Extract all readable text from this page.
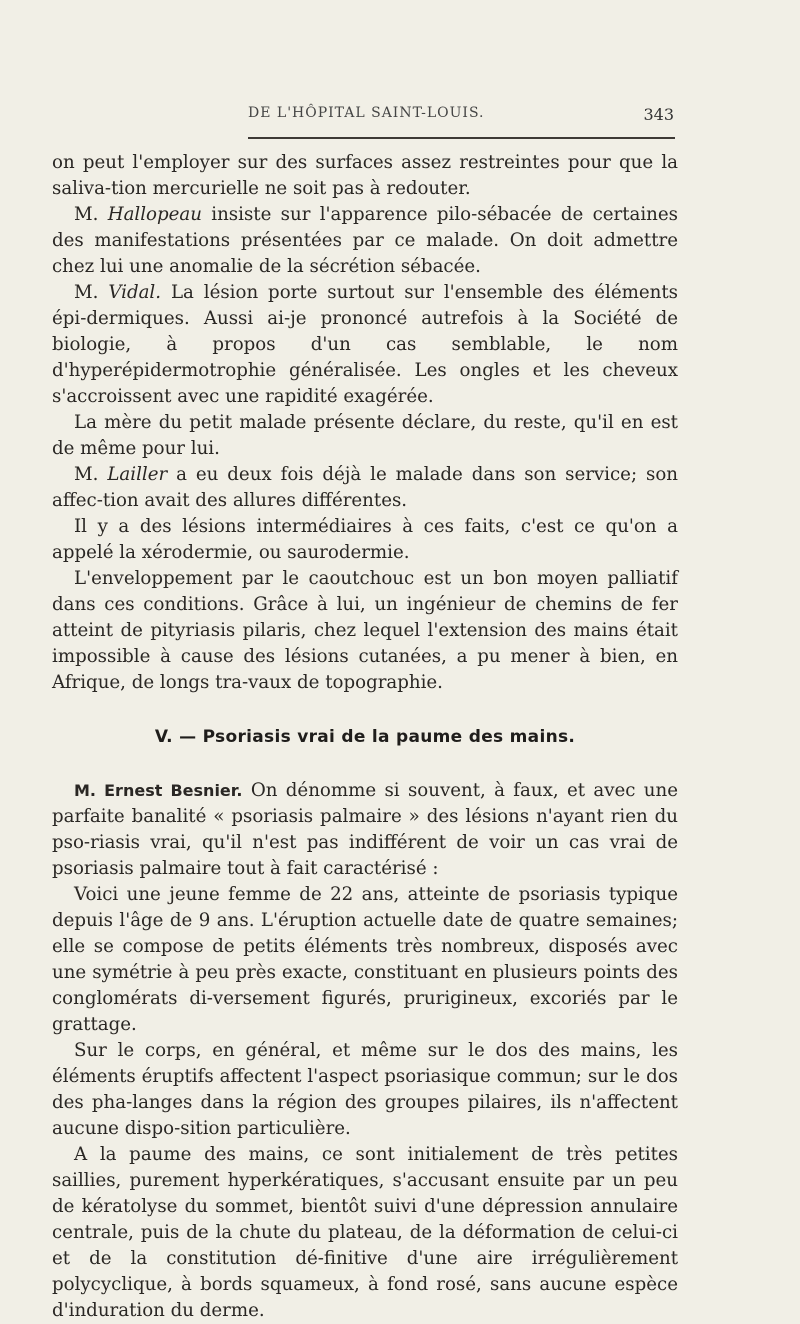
DE L'HÔPITAL SAINT-LOUIS.	343

on peut l'employer sur des surfaces assez restreintes pour que la saliva-tion mercurielle ne soit pas à redouter.

M. Hallopeau insiste sur l'apparence pilo-sébacée de certaines des manifestations présentées par ce malade. On doit admettre chez lui une anomalie de la sécrétion sébacée.

M. Vidal. La lésion porte surtout sur l'ensemble des éléments épi-dermiques. Aussi ai-je prononcé autrefois à la Société de biologie, à propos d'un cas semblable, le nom d'hyperépidermotrophie généralisée. Les ongles et les cheveux s'accroissent avec une rapidité exagérée.

La mère du petit malade présente déclare, du reste, qu'il en est de même pour lui.

M. Lailler a eu deux fois déjà le malade dans son service; son affec-tion avait des allures différentes.

Il y a des lésions intermédiaires à ces faits, c'est ce qu'on a appelé la xérodermie, ou saurodermie.

L'enveloppement par le caoutchouc est un bon moyen palliatif dans ces conditions. Grâce à lui, un ingénieur de chemins de fer atteint de pityriasis pilaris, chez lequel l'extension des mains était impossible à cause des lésions cutanées, a pu mener à bien, en Afrique, de longs tra-vaux de topographie.

V. — Psoriasis vrai de la paume des mains.

M. Ernest Besnier. On dénomme si souvent, à faux, et avec une parfaite banalité « psoriasis palmaire » des lésions n'ayant rien du pso-riasis vrai, qu'il n'est pas indifférent de voir un cas vrai de psoriasis palmaire tout à fait caractérisé :

Voici une jeune femme de 22 ans, atteinte de psoriasis typique depuis l'âge de 9 ans. L'éruption actuelle date de quatre semaines; elle se compose de petits éléments très nombreux, disposés avec une symétrie à peu près exacte, constituant en plusieurs points des conglomérats di-versement figurés, prurigineux, excoriés par le grattage.

Sur le corps, en général, et même sur le dos des mains, les éléments éruptifs affectent l'aspect psoriasique commun; sur le dos des pha-langes dans la région des groupes pilaires, ils n'affectent aucune dispo-sition particulière.

A la paume des mains, ce sont initialement de très petites saillies, purement hyperkératiques, s'accusant ensuite par un peu de kératolyse du sommet, bientôt suivi d'une dépression annulaire centrale, puis de la chute du plateau, de la déformation de celui-ci et de la constitution dé-finitive d'une aire irrégulièrement polycyclique, à bords squameux, à fond rosé, sans aucune espèce d'induration du derme.
